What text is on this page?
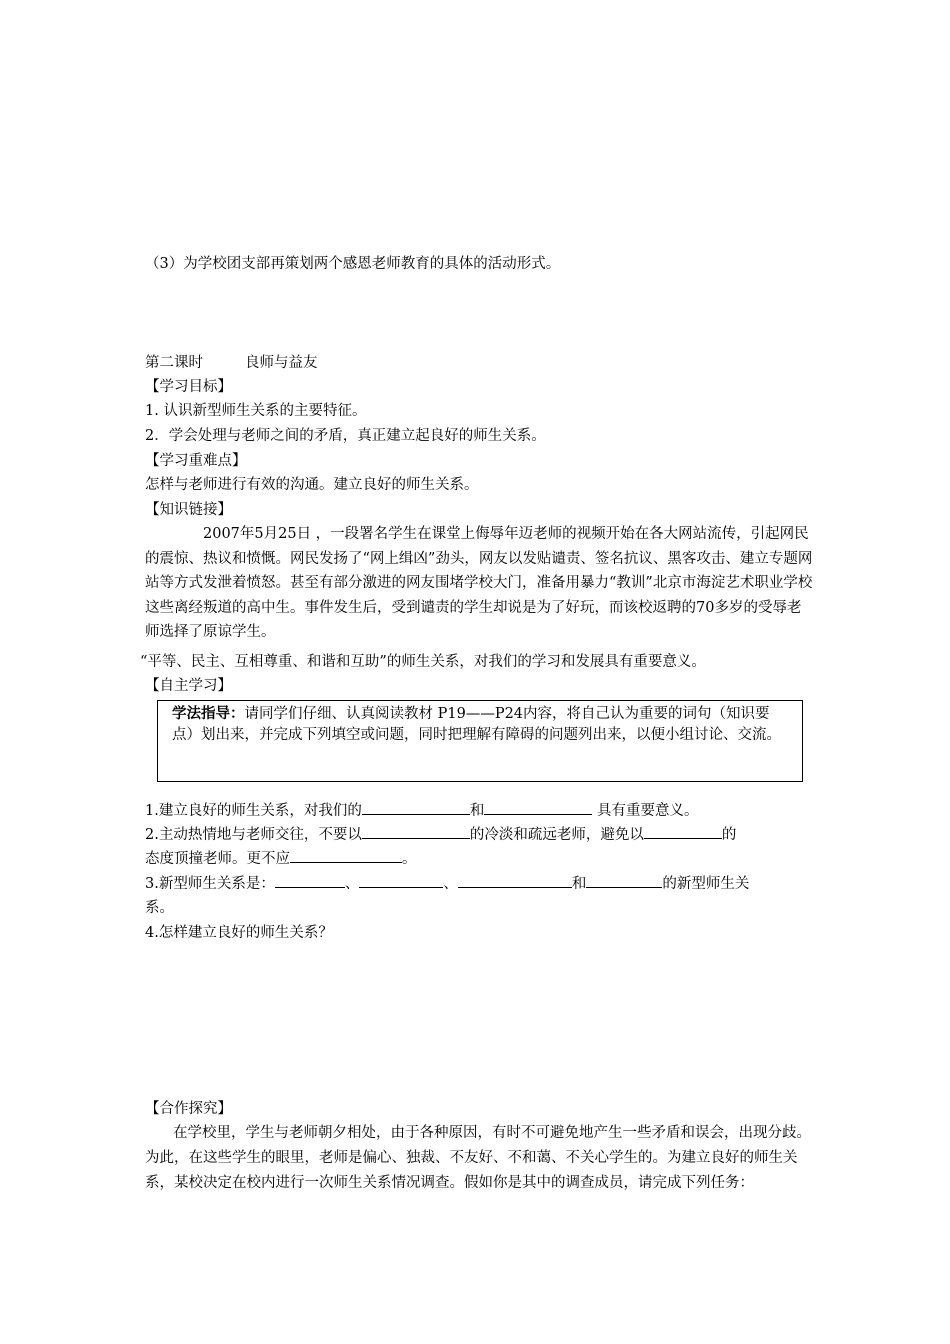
（3）为学校团支部再策划两个感恩老师教育的具体的活动形式。
第二课时	良师与益友
【学习目标】
1. 认识新型师生关系的主要特征。
2．学会处理与老师之间的矛盾，真正建立起良好的师生关系。
【学习重难点】
怎样与老师进行有效的沟通。建立良好的师生关系。
【知识链接】
2007年5月25日 ，一段署名学生在课堂上侮辱年迈老师的视频开始在各大网站流传，引起网民的震惊、热议和愤慨。网民发扬了“网上缉凶”劲头，网友以发贴谴责、签名抗议、黑客攻击、建立专题网站等方式发泄着愤怒。甚至有部分激进的网友围堵学校大门，准备用暴力“教训”北京市海淀艺术职业学校这些离经叛道的高中生。事件发生后，受到谴责的学生却说是为了好玩，而该校返聘的70多岁的受辱老师选择了原谅学生。
“平等、民主、互相尊重、和谐和互助”的师生关系，对我们的学习和发展具有重要意义。
【自主学习】
学法指导：请同学们仔细、认真阅读教材 P19——P24内容，将自己认为重要的词句（知识要点）划出来，并完成下列填空或问题，同时把理解有障碍的问题列出来，以便小组讨论、交流。
1.建立良好的师生关系，对我们的	和	具有重要意义。
2.主动热情地与老师交往，不要以	的冷淡和疏远老师，避免以	的
态度顶撞老师。更不应	。
3.新型师生关系是：	、	、	和	的新型师生关
系。
4.怎样建立良好的师生关系？
【合作探究】
在学校里，学生与老师朝夕相处，由于各种原因，有时不可避免地产生一些矛盾和误会，出现分歧。为此，在这些学生的眼里，老师是偏心、独裁、不友好、不和蔼、不关心学生的。为建立良好的师生关系，某校决定在校内进行一次师生关系情况调查。假如你是其中的调查成员，请完成下列任务：
